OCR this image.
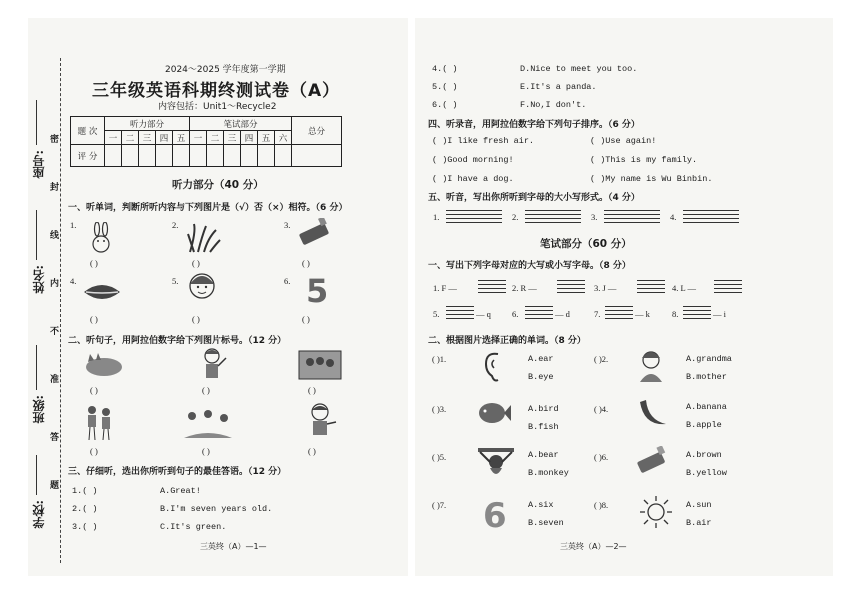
座号:
姓名:
班级:
学校:
密
封
线
内
不
准
答
题
2024～2025 学年度第一学期
三年级英语科期终测试卷（A）
内容包括：Unit1～Recycle2
题 次	听力部分					笔试部分						总分
	一	二	三	四	五	一	二	三	四	五	六	
评 分												
听力部分（40 分）
一、听单词，判断所听内容与下列图片是（√）否（×）相符。（6 分）
1.	2.	3.
( )	( )	( )
4.	5.	6. 5
( )	( )	( )
二、听句子，用阿拉伯数字给下列图片标号。（12 分）
( )	( )	( )
( )	( )	( )
三、仔细听，选出你所听到句子的最佳答语。（12 分）
1.( )	A.Great!
2.( )	B.I'm seven years old.
3.( )	C.It's green.
三英终（A）—1—
4.( )	D.Nice to meet you too.
5.( )	E.It's a panda.
6.( )	F.No,I don't.
四、听录音，用阿拉伯数字给下列句子排序。（6 分）
( )I like fresh air.	( )Use again!
( )Good morning!	( )This is my family.
( )I have a dog.	( )My name is Wu Binbin.
五、听音，写出你所听到字母的大小写形式。（4 分）
1.	2.	3.	4.
笔试部分（60 分）
一、写出下列字母对应的大写或小写字母。（8 分）
1. F —	2. R —	3. J —	4. L —
5.	— q 6.	— d	7.	— k	8.	— i
二、根据图片选择正确的单词。（8 分）
( )1.	A.ear
B.eye
( )2.	A.grandma
B.mother
( )3.	A.bird
B.fish
( )4.	A.banana
B.apple
( )5.	A.bear
B.monkey
( )6.	A.brown
B.yellow
( )7. 6	A.six
B.seven
( )8.	A.sun
B.air
三英终（A）—2—
